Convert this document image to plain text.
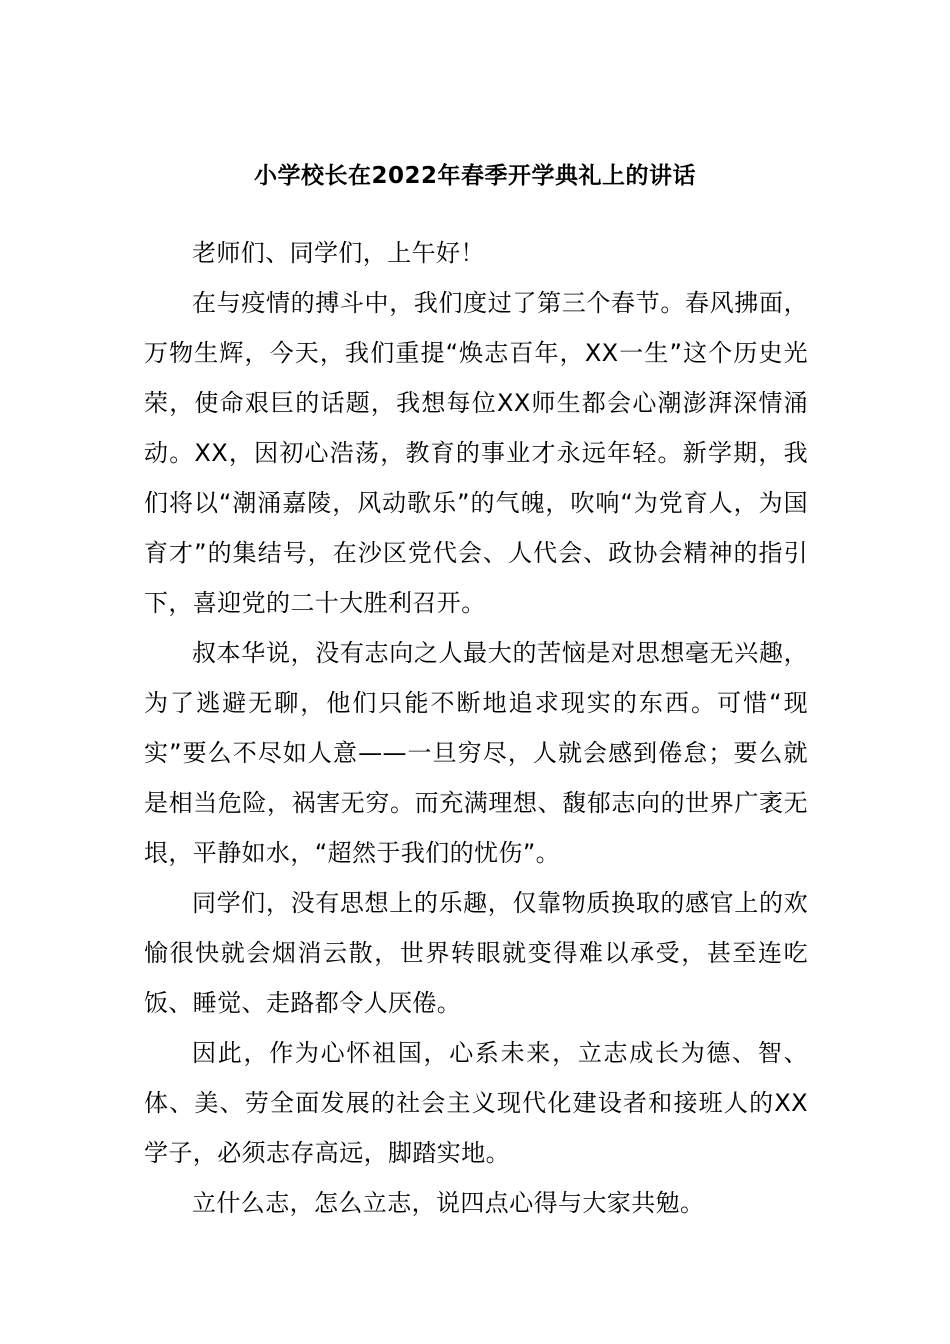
小学校长在2022年春季开学典礼上的讲话

老师们、同学们，上午好！

在与疫情的搏斗中，我们度过了第三个春节。春风拂面，万物生辉，今天，我们重提“焕志百年，XX一生”这个历史光荣，使命艰巨的话题，我想每位XX师生都会心潮澎湃深情涌动。XX，因初心浩荡，教育的事业才永远年轻。新学期，我们将以“潮涌嘉陵，风动歌乐”的气魄，吹响“为党育人，为国育才”的集结号，在沙区党代会、人代会、政协会精神的指引下，喜迎党的二十大胜利召开。

叔本华说，没有志向之人最大的苦恼是对思想毫无兴趣，为了逃避无聊，他们只能不断地追求现实的东西。可惜“现实”要么不尽如人意——一旦穷尽，人就会感到倦怠；要么就是相当危险，祸害无穷。而充满理想、馥郁志向的世界广袤无垠，平静如水，“超然于我们的忧伤”。

同学们，没有思想上的乐趣，仅靠物质换取的感官上的欢愉很快就会烟消云散，世界转眼就变得难以承受，甚至连吃饭、睡觉、走路都令人厌倦。

因此，作为心怀祖国，心系未来，立志成长为德、智、体、美、劳全面发展的社会主义现代化建设者和接班人的XX学子，必须志存高远，脚踏实地。

立什么志，怎么立志，说四点心得与大家共勉。
